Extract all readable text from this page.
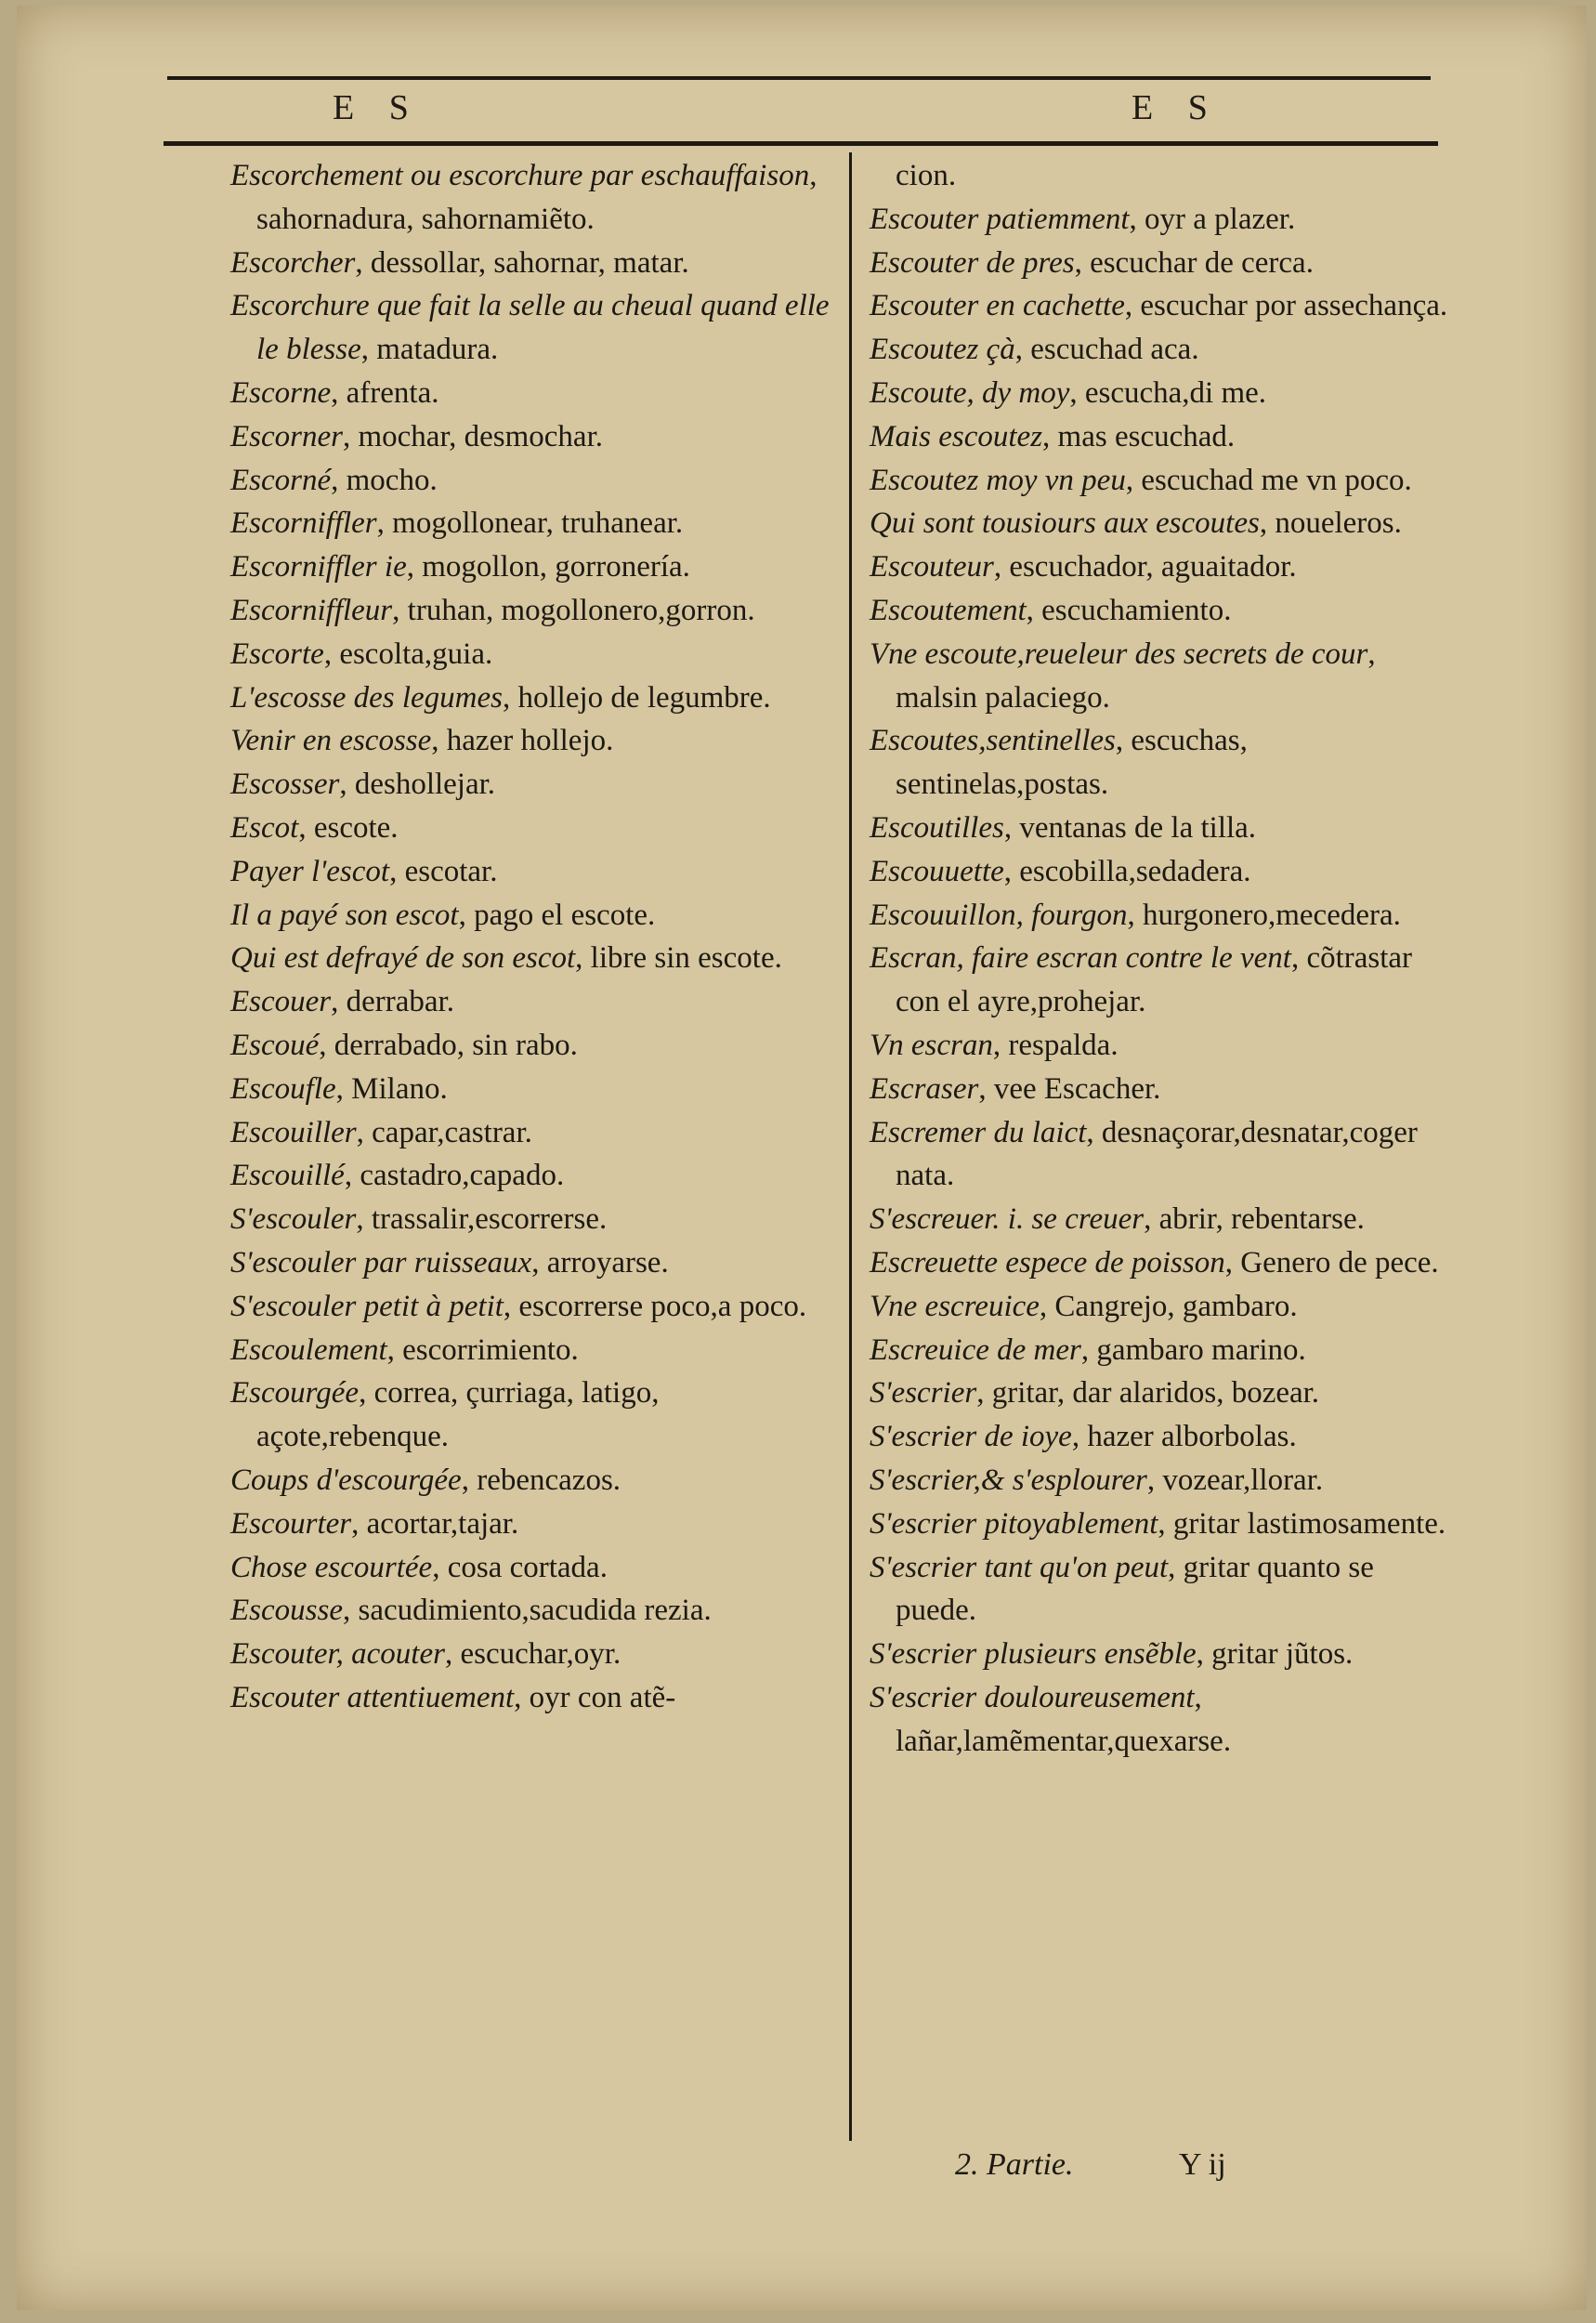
E S	E S
Escorchement ou escorchure par eschauffaison, sahornadura, sahornamiẽto.
Escorcher, dessollar, sahornar, matar.
Escorchure que fait la selle au cheual quand elle le blesse, matadura.
Escorne, afrenta.
Escorner, mochar, desmochar.
Escorné, mocho.
Escorniffler, mogollonear, truhanear.
Escorniffler ie, mogollon, gorronería.
Escorniffleur, truhan, mogollonero,gorron.
Escorte, escolta,guia.
L'escosse des legumes, hollejo de legumbre.
Venir en escosse, hazer hollejo.
Escosser, deshollejar.
Escot, escote.
Payer l'escot, escotar.
Il a payé son escot, pago el escote.
Qui est defrayé de son escot, libre sin escote.
Escouer, derrabar.
Escoué, derrabado, sin rabo.
Escoufle, Milano.
Escouiller, capar,castrar.
Escouillé, castadro,capado.
S'escouler, trassalir,escorrerse.
S'escouler par ruisseaux, arroyarse.
S'escouler petit à petit, escorrerse poco,a poco.
Escoulement, escorrimiento.
Escourgée, correa, çurriaga, latigo, açote,rebenque.
Coups d'escourgée, rebencazos.
Escourter, acortar,tajar.
Chose escourtée, cosa cortada.
Escousse, sacudimiento,sacudida rezia.
Escouter, acouter, escuchar,oyr.
Escouter attentiuement, oyr con atẽ-
cion.
Escouter patiemment, oyr a plazer.
Escouter de pres, escuchar de cerca.
Escouter en cachette, escuchar por assechança.
Escoutez çà, escuchad aca.
Escoute, dy moy, escucha,di me.
Mais escoutez, mas escuchad.
Escoutez moy vn peu, escuchad me vn poco.
Qui sont tousiours aux escoutes, nouelеros.
Escouteur, escuchador, aguaitador.
Escoutement, escuchamiento.
Vne escoute,reueleur des secrets de cour, malsin palaciego.
Escoutes,sentinelles, escuchas, sentinelas,postas.
Escoutilles, ventanas de la tilla.
Escouuette, escobilla,sedadera.
Escouuillon, fourgon, hurgonero,mecedera.
Escran, faire escran contre le vent, cõtrastar con el ayre,prohejar.
Vn escran, respalda.
Escraser, vee Escacher.
Escremer du laict, desnaçorar,desnatar,coger nata.
S'escreuer. i. se creuer, abrir, rebentarse.
Escreuette espece de poisson, Genero de pece.
Vne escreuice, Cangrejo, gambaro.
Escreuice de mer, gambaro marino.
S'escrier, gritar, dar alaridos, bozear.
S'escrier de ioye, hazer alborbolas.
S'escrier,& s'esplourer, vozear,llorar.
S'escrier pitoyablement, gritar lastimosamente.
S'escrier tant qu'on peut, gritar quanto se puede.
S'escrier plusieurs ensẽble, gritar jũtos.
S'escrier douloureusement, lañar,lamẽmentar,quexarse.
2. Partie.	Y ij
